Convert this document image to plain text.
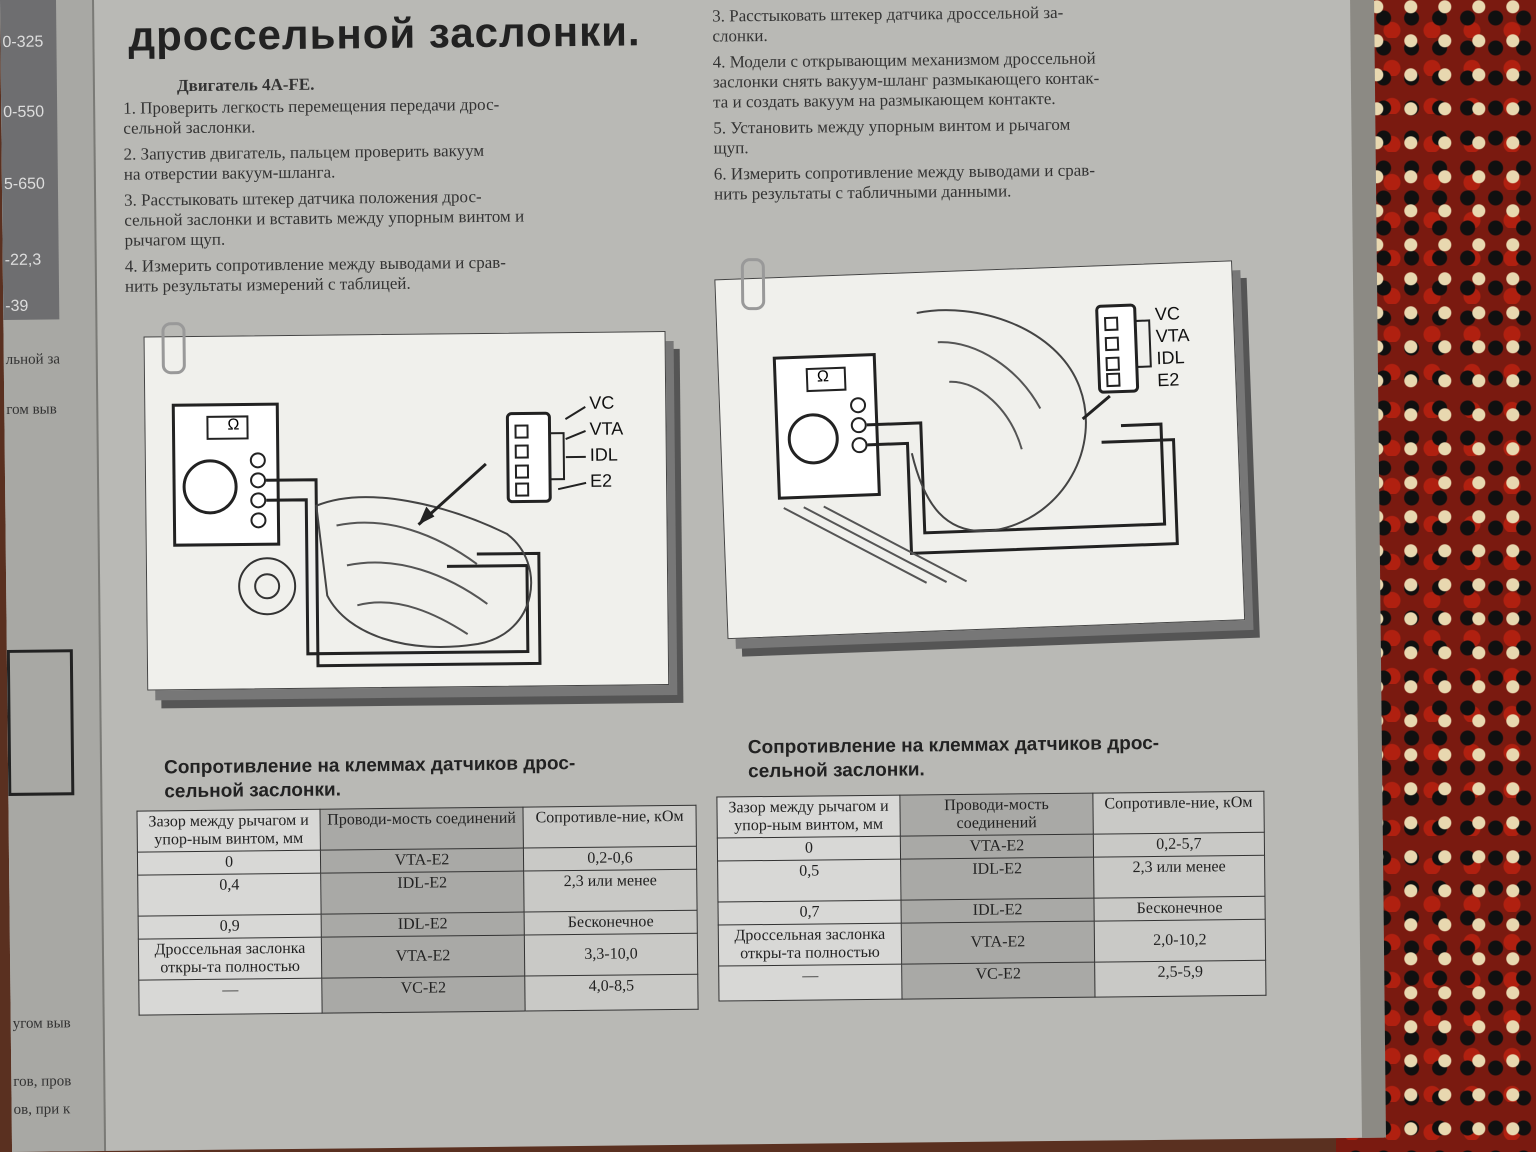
0-325
0-550
5-650
-22,3
-39
льной за
гом выв
угом выв
гов, пров
ов, при к
дроссельной заслонки.
Двигатель 4A-FE.
1. Проверить легкость перемещения передачи дрос-
сельной заслонки.
2. Запустив двигатель, пальцем проверить вакуум
на отверстии вакуум-шланга.
3. Расстыковать штекер датчика положения дрос-
сельной заслонки и вставить между упорным винтом и
рычагом щуп.
4. Измерить сопротивление между выводами и срав-
нить результаты измерений с таблицей.
3. Расстыковать штекер датчика дроссельной за-
слонки.
4. Модели с открывающим механизмом дроссельной
заслонки снять вакуум-шланг размыкающего контак-
та и создать вакуум на размыкающем контакте.
5. Установить между упорным винтом и рычагом
щуп.
6. Измерить сопротивление между выводами и срав-
нить результаты с табличными данными.
Ω
VC
VTA
IDL
E2
Ω
VC
VTA
IDL
E2
Сопротивление на клеммах датчиков дрос-
сельной заслонки.
Сопротивление на клеммах датчиков дрос-
сельной заслонки.
Зазор между рычагом и упор-ным винтом, мм	Проводи-мость соединений	Сопротивле-ние, кОм
0	VTA-E2	0,2-0,6
0,4	IDL-E2	2,3 или менее
0,9	IDL-E2	Бесконечное
Дроссельная заслонка откры-та полностью	VTA-E2	3,3-10,0
—	VC-E2	4,0-8,5
Зазор между рычагом и упор-ным винтом, мм	Проводи-мость соединений	Сопротивле-ние, кОм
0	VTA-E2	0,2-5,7
0,5	IDL-E2	2,3 или менее
0,7	IDL-E2	Бесконечное
Дроссельная заслонка откры-та полностью	VTA-E2	2,0-10,2
—	VC-E2	2,5-5,9
